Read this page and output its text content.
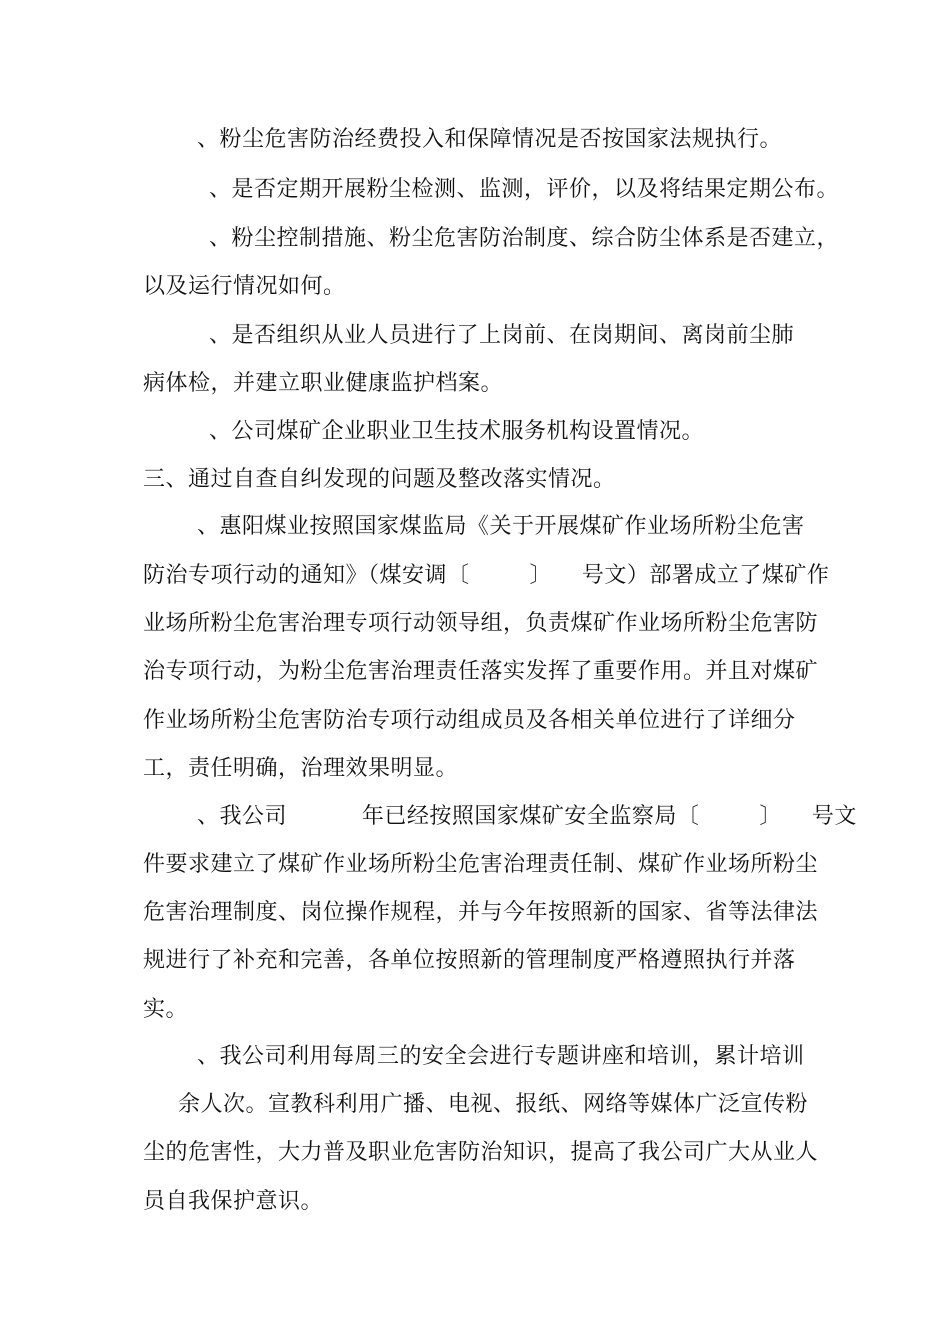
、粉尘危害防治经费投入和保障情况是否按国家法规执行。
、是否定期开展粉尘检测、监测，评价，以及将结果定期公布。
、粉尘控制措施、粉尘危害防治制度、综合防尘体系是否建立，
以及运行情况如何。
、是否组织从业人员进行了上岗前、在岗期间、离岗前尘肺
病体检，并建立职业健康监护档案。
、公司煤矿企业职业卫生技术服务机构设置情况。
三、通过自查自纠发现的问题及整改落实情况。
、惠阳煤业按照国家煤监局《关于开展煤矿作业场所粉尘危害
防治专项行动的通知》（煤安调〔        〕    号文）部署成立了煤矿作
业场所粉尘危害治理专项行动领导组，负责煤矿作业场所粉尘危害防
治专项行动，为粉尘危害治理责任落实发挥了重要作用。并且对煤矿
作业场所粉尘危害防治专项行动组成员及各相关单位进行了详细分
工，责任明确，治理效果明显。
、我公司          年已经按照国家煤矿安全监察局〔        〕    号文
件要求建立了煤矿作业场所粉尘危害治理责任制、煤矿作业场所粉尘
危害治理制度、岗位操作规程，并与今年按照新的国家、省等法律法
规进行了补充和完善，各单位按照新的管理制度严格遵照执行并落
实。
、我公司利用每周三的安全会进行专题讲座和培训，累计培训
余人次。宣教科利用广播、电视、报纸、网络等媒体广泛宣传粉
尘的危害性，大力普及职业危害防治知识，提高了我公司广大从业人
员自我保护意识。
